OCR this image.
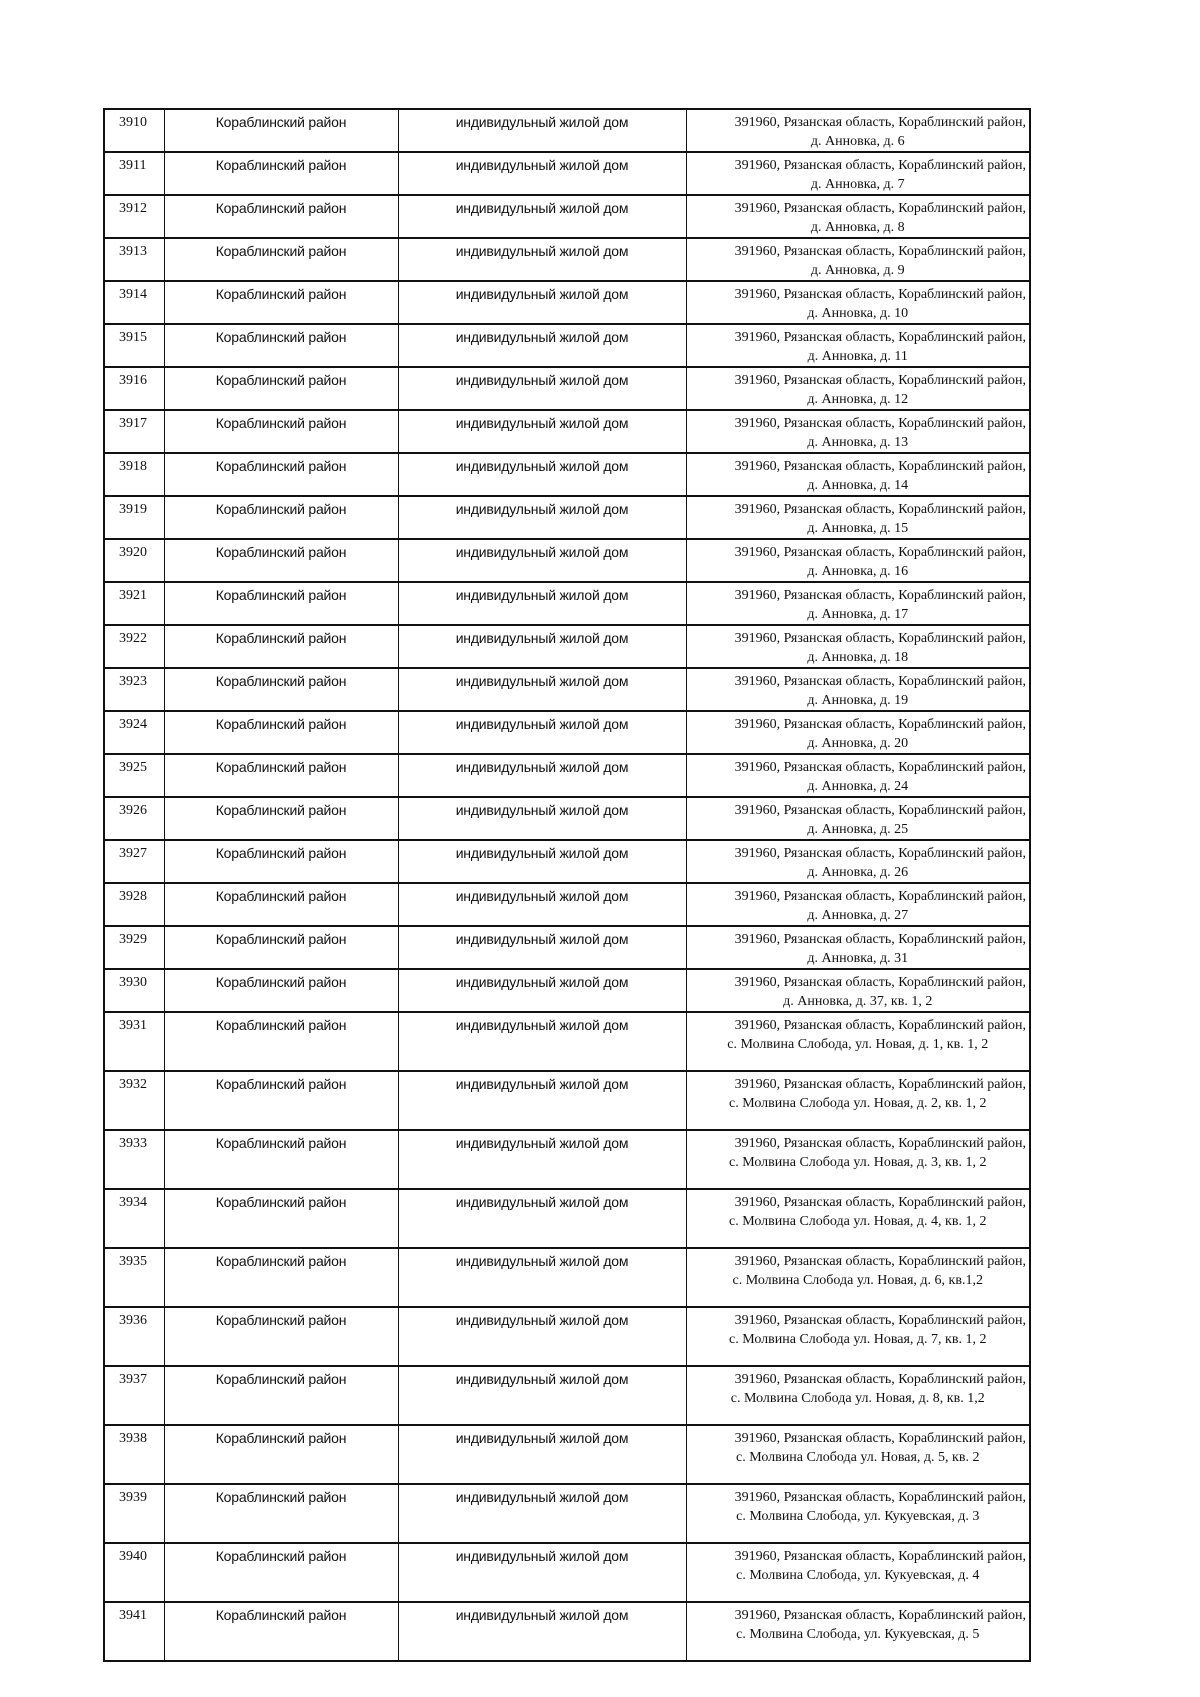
3910	Кораблинский район	индивидульный жилой дом	391960, Рязанская область, Кораблинский район,
д. Анновка, д. 6

3911	Кораблинский район	индивидульный жилой дом	391960, Рязанская область, Кораблинский район,
д. Анновка, д. 7

3912	Кораблинский район	индивидульный жилой дом	391960, Рязанская область, Кораблинский район,
д. Анновка, д. 8

3913	Кораблинский район	индивидульный жилой дом	391960, Рязанская область, Кораблинский район,
д. Анновка, д. 9

3914	Кораблинский район	индивидульный жилой дом	391960, Рязанская область, Кораблинский район,
д. Анновка, д. 10

3915	Кораблинский район	индивидульный жилой дом	391960, Рязанская область, Кораблинский район,
д. Анновка, д. 11

3916	Кораблинский район	индивидульный жилой дом	391960, Рязанская область, Кораблинский район,
д. Анновка, д. 12

3917	Кораблинский район	индивидульный жилой дом	391960, Рязанская область, Кораблинский район,
д. Анновка, д. 13

3918	Кораблинский район	индивидульный жилой дом	391960, Рязанская область, Кораблинский район,
д. Анновка, д. 14

3919	Кораблинский район	индивидульный жилой дом	391960, Рязанская область, Кораблинский район,
д. Анновка, д. 15

3920	Кораблинский район	индивидульный жилой дом	391960, Рязанская область, Кораблинский район,
д. Анновка, д. 16

3921	Кораблинский район	индивидульный жилой дом	391960, Рязанская область, Кораблинский район,
д. Анновка, д. 17

3922	Кораблинский район	индивидульный жилой дом	391960, Рязанская область, Кораблинский район,
д. Анновка, д. 18

3923	Кораблинский район	индивидульный жилой дом	391960, Рязанская область, Кораблинский район,
д. Анновка, д. 19

3924	Кораблинский район	индивидульный жилой дом	391960, Рязанская область, Кораблинский район,
д. Анновка, д. 20

3925	Кораблинский район	индивидульный жилой дом	391960, Рязанская область, Кораблинский район,
д. Анновка, д. 24

3926	Кораблинский район	индивидульный жилой дом	391960, Рязанская область, Кораблинский район,
д. Анновка, д. 25

3927	Кораблинский район	индивидульный жилой дом	391960, Рязанская область, Кораблинский район,
д. Анновка, д. 26

3928	Кораблинский район	индивидульный жилой дом	391960, Рязанская область, Кораблинский район,
д. Анновка, д. 27

3929	Кораблинский район	индивидульный жилой дом	391960, Рязанская область, Кораблинский район,
д. Анновка, д. 31

3930	Кораблинский район	индивидульный жилой дом	391960, Рязанская область, Кораблинский район,
д. Анновка, д. 37, кв. 1, 2

3931	Кораблинский район	индивидульный жилой дом	391960, Рязанская область, Кораблинский район,
с. Молвина Слобода, ул. Новая, д. 1, кв. 1, 2

3932	Кораблинский район	индивидульный жилой дом	391960, Рязанская область, Кораблинский район,
с. Молвина Слобода ул. Новая, д. 2, кв. 1, 2

3933	Кораблинский район	индивидульный жилой дом	391960, Рязанская область, Кораблинский район,
с. Молвина Слобода ул. Новая, д. 3, кв. 1, 2

3934	Кораблинский район	индивидульный жилой дом	391960, Рязанская область, Кораблинский район,
с. Молвина Слобода ул. Новая, д. 4, кв. 1, 2

3935	Кораблинский район	индивидульный жилой дом	391960, Рязанская область, Кораблинский район,
с. Молвина Слобода ул. Новая, д. 6, кв.1,2

3936	Кораблинский район	индивидульный жилой дом	391960, Рязанская область, Кораблинский район,
с. Молвина Слобода ул. Новая, д. 7, кв. 1, 2

3937	Кораблинский район	индивидульный жилой дом	391960, Рязанская область, Кораблинский район,
с. Молвина Слобода ул. Новая, д. 8, кв. 1,2

3938	Кораблинский район	индивидульный жилой дом	391960, Рязанская область, Кораблинский район,
с. Молвина Слобода ул. Новая, д. 5, кв. 2

3939	Кораблинский район	индивидульный жилой дом	391960, Рязанская область, Кораблинский район,
с. Молвина Слобода, ул. Кукуевская, д. 3

3940	Кораблинский район	индивидульный жилой дом	391960, Рязанская область, Кораблинский район,
с. Молвина Слобода, ул. Кукуевская, д. 4

3941	Кораблинский район	индивидульный жилой дом	391960, Рязанская область, Кораблинский район,
с. Молвина Слобода, ул. Кукуевская, д. 5
